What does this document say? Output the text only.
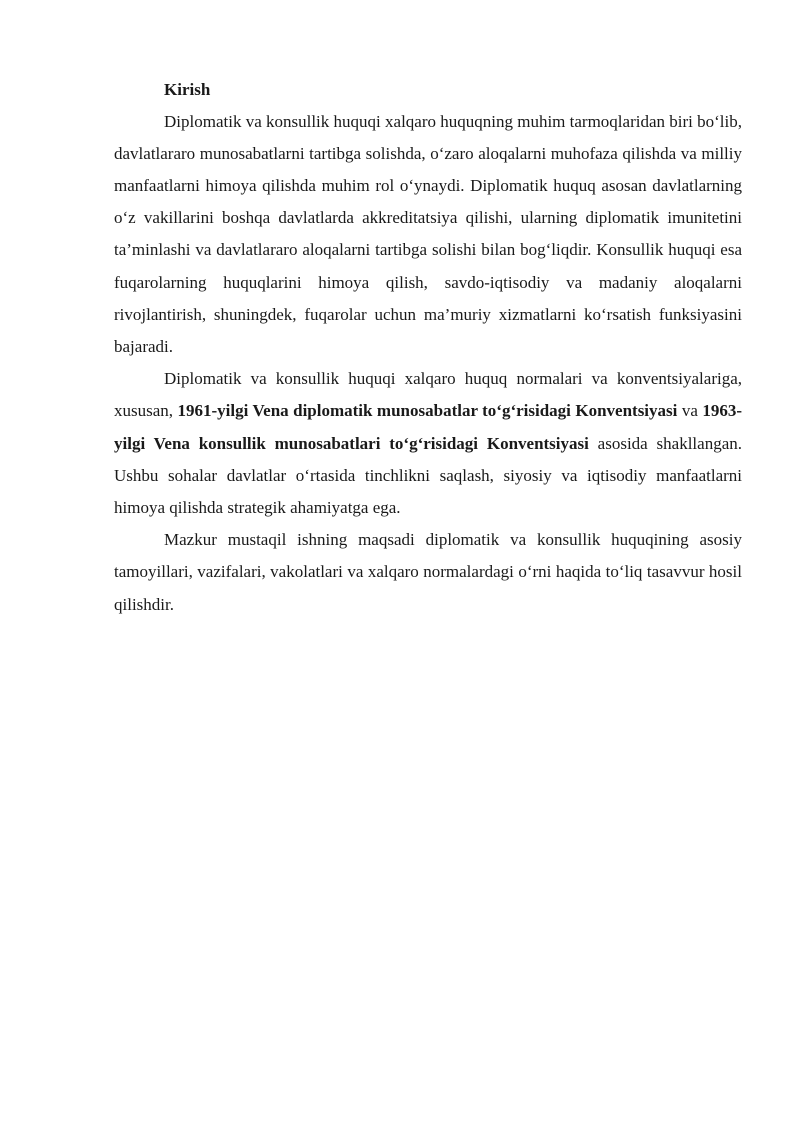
Kirish

Diplomatik va konsullik huquqi xalqaro huquqning muhim tarmoqlaridan biri bo‘lib, davlatlararo munosabatlarni tartibga solishda, o‘zaro aloqalarni muhofaza qilishda va milliy manfaatlarni himoya qilishda muhim rol o‘ynaydi. Diplomatik huquq asosan davlatlarning o‘z vakillarini boshqa davlatlarda akkreditatsiya qilishi, ularning diplomatik imunitetini ta’minlashi va davlatlararo aloqalarni tartibga solishi bilan bog‘liqdir. Konsullik huquqi esa fuqarolarning huquqlarini himoya qilish, savdo-iqtisodiy va madaniy aloqalarni rivojlantirish, shuningdek, fuqarolar uchun ma’muriy xizmatlarni ko‘rsatish funksiyasini bajaradi.

Diplomatik va konsullik huquqi xalqaro huquq normalari va konventsiyalariga, xususan, 1961-yilgi Vena diplomatik munosabatlar to‘g‘risidagi Konventsiyasi va 1963-yilgi Vena konsullik munosabatlari to‘g‘risidagi Konventsiyasi asosida shakllangan. Ushbu sohalar davlatlar o‘rtasida tinchlikni saqlash, siyosiy va iqtisodiy manfaatlarni himoya qilishda strategik ahamiyatga ega.

Mazkur mustaqil ishning maqsadi diplomatik va konsullik huquqining asosiy tamoyillari, vazifalari, vakolatlari va xalqaro normalardagi o‘rni haqida to‘liq tasavvur hosil qilishdir.
